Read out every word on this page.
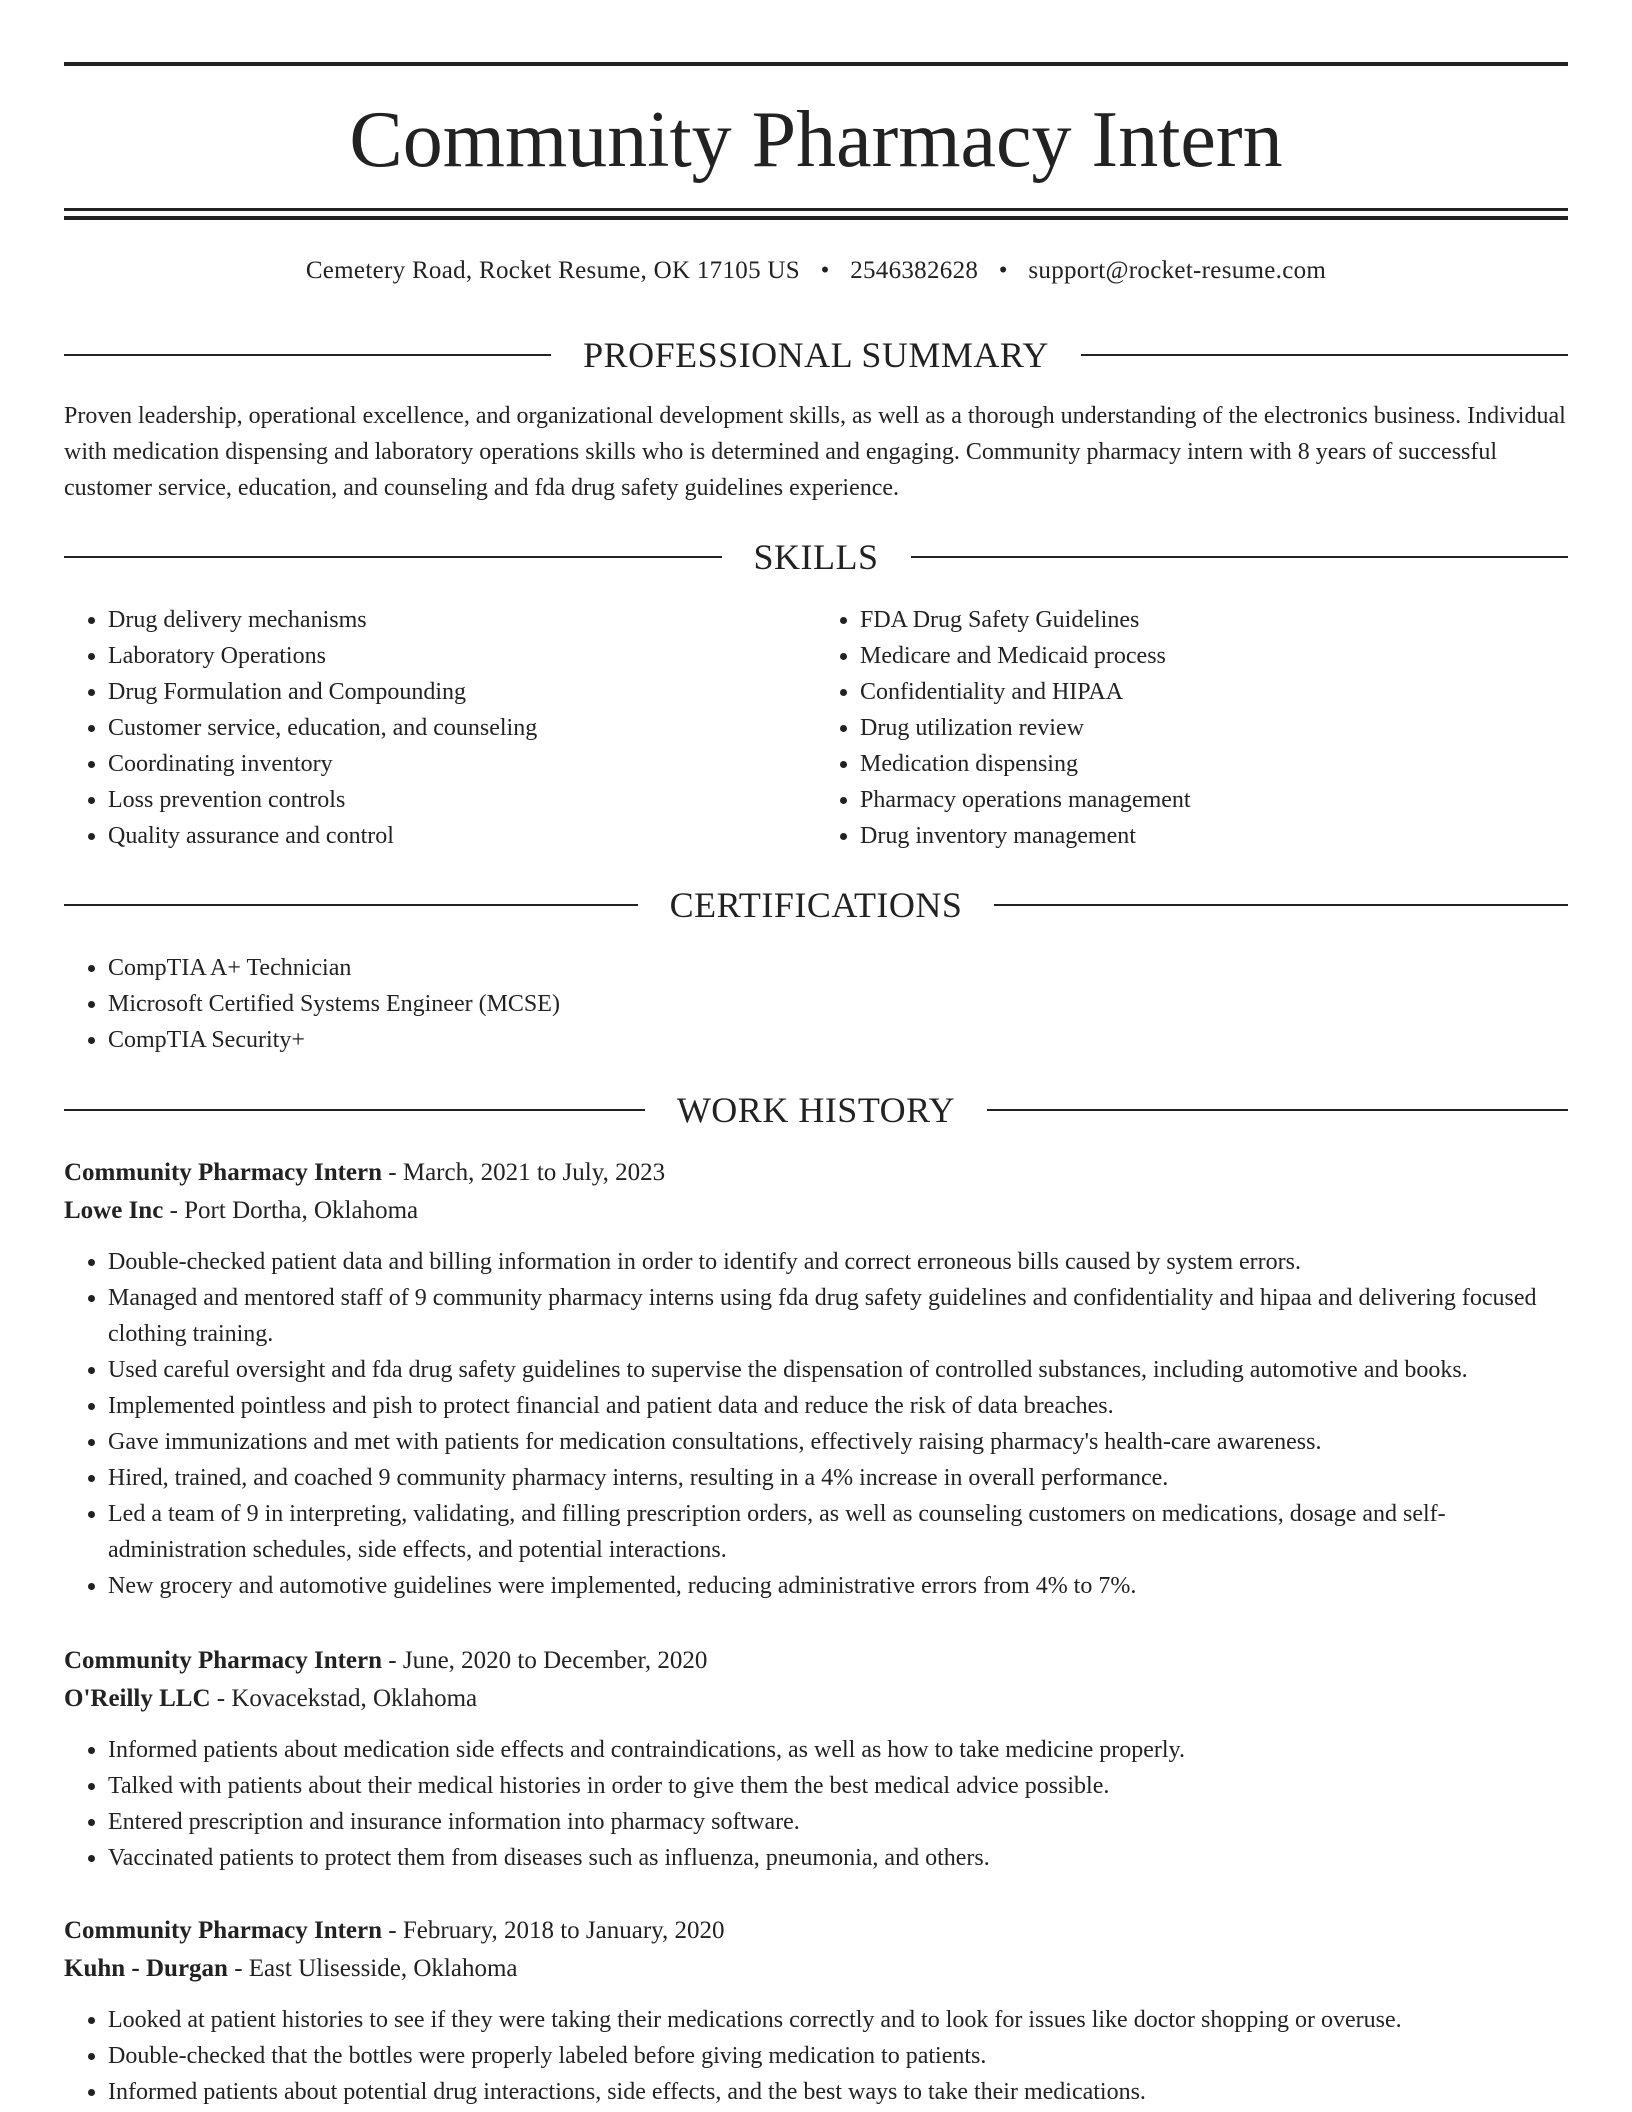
Community Pharmacy Intern
Cemetery Road, Rocket Resume, OK 17105 US • 2546382628 • support@rocket-resume.com
PROFESSIONAL SUMMARY

Proven leadership, operational excellence, and organizational development skills, as well as a thorough understanding of the electronics business. Individual with medication dispensing and laboratory operations skills who is determined and engaging. Community pharmacy intern with 8 years of successful customer service, education, and counseling and fda drug safety guidelines experience.

SKILLS
• Drug delivery mechanisms
• Laboratory Operations
• Drug Formulation and Compounding
• Customer service, education, and counseling
• Coordinating inventory
• Loss prevention controls
• Quality assurance and control
• FDA Drug Safety Guidelines
• Medicare and Medicaid process
• Confidentiality and HIPAA
• Drug utilization review
• Medication dispensing
• Pharmacy operations management
• Drug inventory management
CERTIFICATIONS
• CompTIA A+ Technician
• Microsoft Certified Systems Engineer (MCSE)
• CompTIA Security+
WORK HISTORY

Community Pharmacy Intern - March, 2021 to July, 2023

Lowe Inc - Port Dortha, Oklahoma

• Double-checked patient data and billing information in order to identify and correct erroneous bills caused by system errors.
• Managed and mentored staff of 9 community pharmacy interns using fda drug safety guidelines and confidentiality and hipaa and delivering focused clothing training.
• Used careful oversight and fda drug safety guidelines to supervise the dispensation of controlled substances, including automotive and books.
• Implemented pointless and pish to protect financial and patient data and reduce the risk of data breaches.
• Gave immunizations and met with patients for medication consultations, effectively raising pharmacy's health-care awareness.
• Hired, trained, and coached 9 community pharmacy interns, resulting in a 4% increase in overall performance.
• Led a team of 9 in interpreting, validating, and filling prescription orders, as well as counseling customers on medications, dosage and self-administration schedules, side effects, and potential interactions.
• New grocery and automotive guidelines were implemented, reducing administrative errors from 4% to 7%.

Community Pharmacy Intern - June, 2020 to December, 2020

O'Reilly LLC - Kovacekstad, Oklahoma

• Informed patients about medication side effects and contraindications, as well as how to take medicine properly.
• Talked with patients about their medical histories in order to give them the best medical advice possible.
• Entered prescription and insurance information into pharmacy software.
• Vaccinated patients to protect them from diseases such as influenza, pneumonia, and others.

Community Pharmacy Intern - February, 2018 to January, 2020

Kuhn - Durgan - East Ulisesside, Oklahoma

• Looked at patient histories to see if they were taking their medications correctly and to look for issues like doctor shopping or overuse.
• Double-checked that the bottles were properly labeled before giving medication to patients.
• Informed patients about potential drug interactions, side effects, and the best ways to take their medications.
